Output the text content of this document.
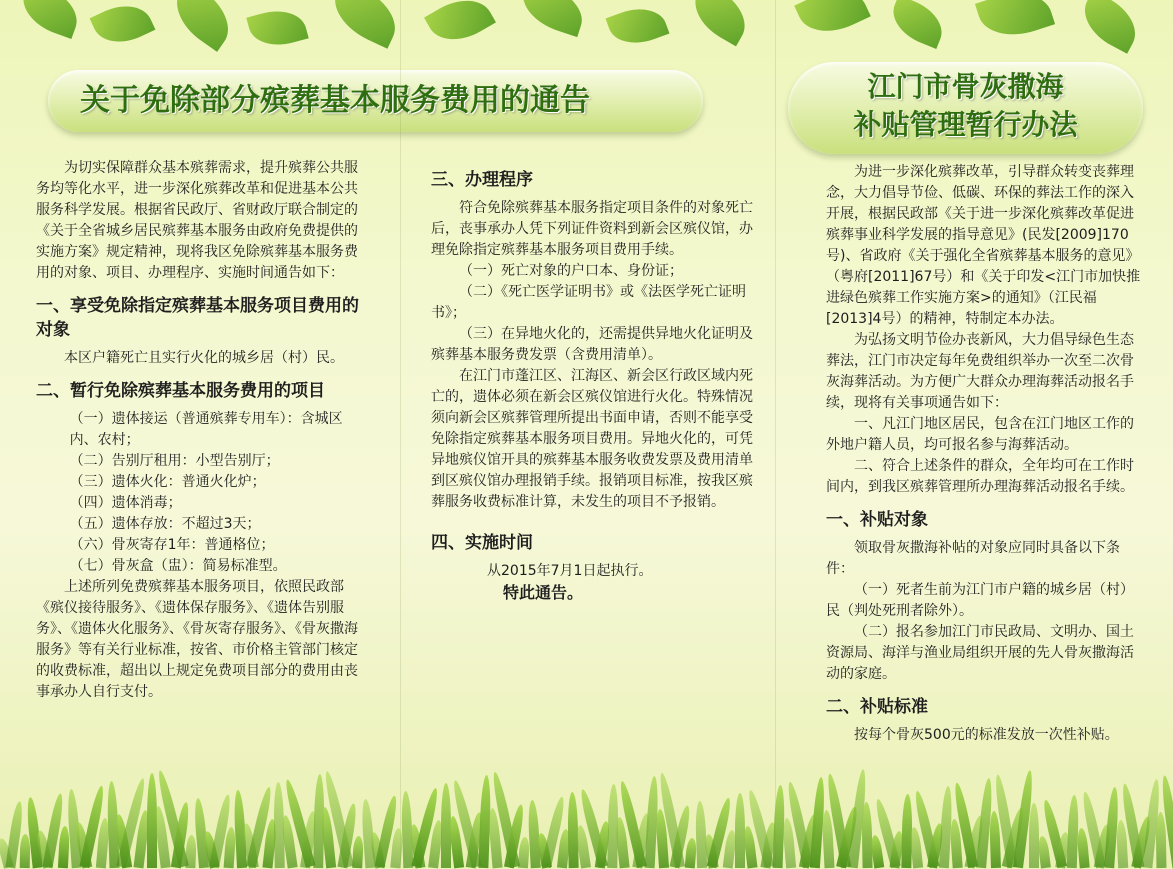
关于免除部分殡葬基本服务费用的通告

为切实保障群众基本殡葬需求，提升殡葬公共服务均等化水平，进一步深化殡葬改革和促进基本公共服务科学发展。根据省民政厅、省财政厅联合制定的《关于全省城乡居民殡葬基本服务由政府免费提供的实施方案》规定精神，现将我区免除殡葬基本服务费用的对象、项目、办理程序、实施时间通告如下：

一、享受免除指定殡葬基本服务项目费用的对象

本区户籍死亡且实行火化的城乡居（村）民。

二、暂行免除殡葬基本服务费用的项目

（一）遗体接运（普通殡葬专用车）：含城区内、农村；

（二）告别厅租用：小型告别厅；

（三）遗体火化：普通火化炉；

（四）遗体消毒；

（五）遗体存放：不超过3天；

（六）骨灰寄存1年：普通格位；

（七）骨灰盒（盅）：简易标准型。

上述所列免费殡葬基本服务项目，依照民政部《殡仪接待服务》、《遗体保存服务》、《遗体告别服务》、《遗体火化服务》、《骨灰寄存服务》、《骨灰撒海服务》等有关行业标准，按省、市价格主管部门核定的收费标准，超出以上规定免费项目部分的费用由丧事承办人自行支付。

三、办理程序

符合免除殡葬基本服务指定项目条件的对象死亡后，丧事承办人凭下列证件资料到新会区殡仪馆，办理免除指定殡葬基本服务项目费用手续。

（一）死亡对象的户口本、身份证；

（二）《死亡医学证明书》或《法医学死亡证明书》；

（三）在异地火化的，还需提供异地火化证明及殡葬基本服务费发票（含费用清单）。

在江门市蓬江区、江海区、新会区行政区域内死亡的，遗体必须在新会区殡仪馆进行火化。特殊情况须向新会区殡葬管理所提出书面申请，否则不能享受免除指定殡葬基本服务项目费用。异地火化的，可凭异地殡仪馆开具的殡葬基本服务收费发票及费用清单到区殡仪馆办理报销手续。报销项目标准，按我区殡葬服务收费标准计算，未发生的项目不予报销。

四、实施时间

从2015年7月1日起执行。

特此通告。

江门市骨灰撒海
补贴管理暂行办法

为进一步深化殡葬改革，引导群众转变丧葬理念，大力倡导节俭、低碳、环保的葬法工作的深入开展，根据民政部《关于进一步深化殡葬改革促进殡葬事业科学发展的指导意见》(民发[2009]170号)、省政府《关于强化全省殡葬基本服务的意见》（粤府[2011]67号）和《关于印发<江门市加快推进绿色殡葬工作实施方案>的通知》（江民福[2013]4号）的精神，特制定本办法。

为弘扬文明节俭办丧新风，大力倡导绿色生态葬法，江门市决定每年免费组织举办一次至二次骨灰海葬活动。为方便广大群众办理海葬活动报名手续，现将有关事项通告如下：

一、凡江门地区居民，包含在江门地区工作的外地户籍人员，均可报名参与海葬活动。

二、符合上述条件的群众，全年均可在工作时间内，到我区殡葬管理所办理海葬活动报名手续。

一、补贴对象

领取骨灰撒海补帖的对象应同时具备以下条件：

（一）死者生前为江门市户籍的城乡居（村）民（判处死刑者除外）。

（二）报名参加江门市民政局、文明办、国土资源局、海洋与渔业局组织开展的先人骨灰撒海活动的家庭。

二、补贴标准

按每个骨灰500元的标准发放一次性补贴。
